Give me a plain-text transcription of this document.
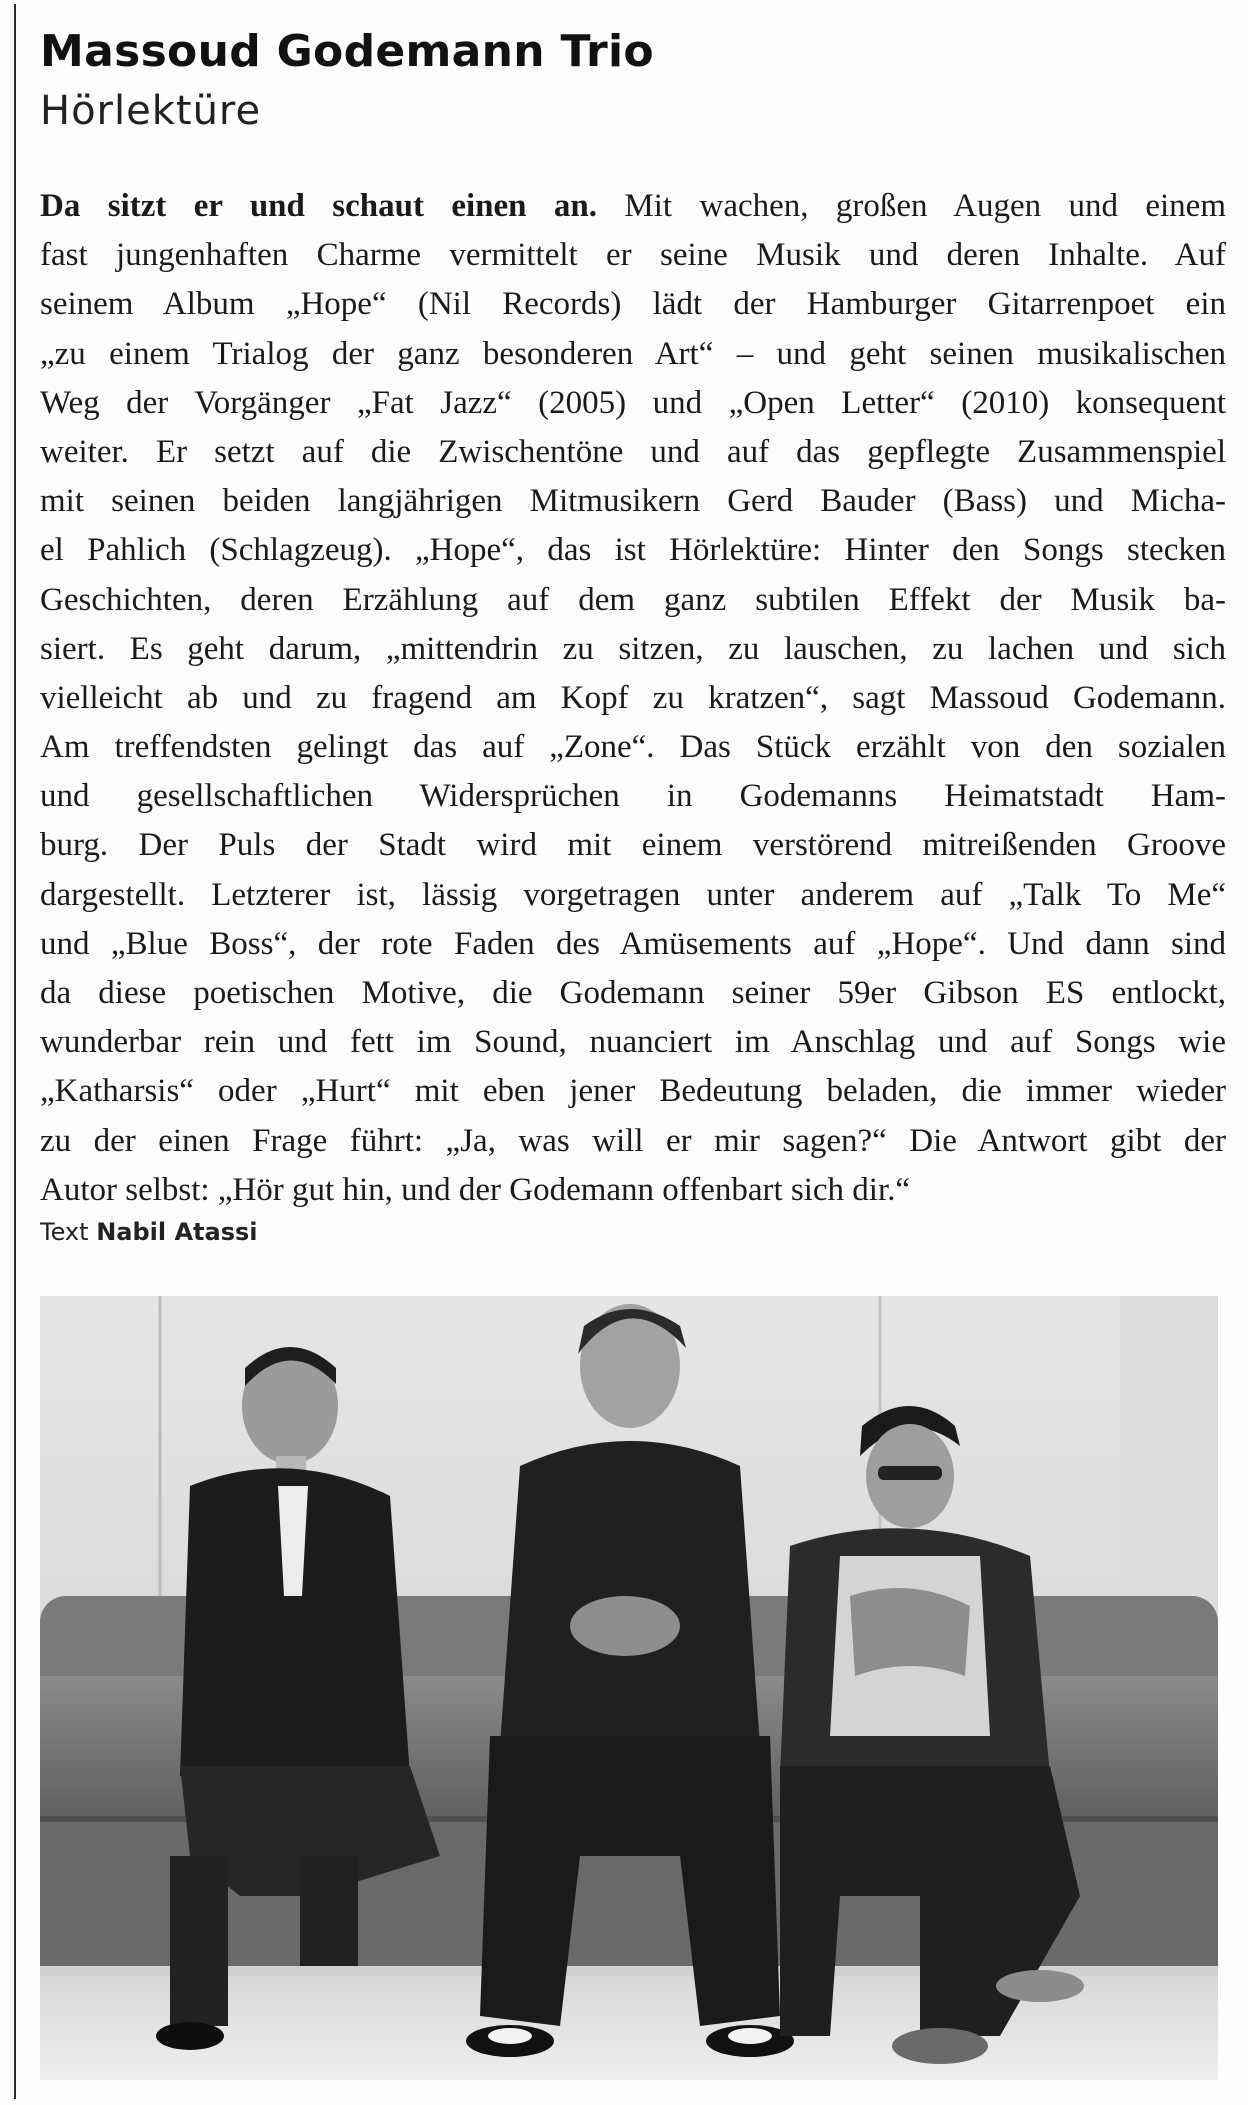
Massoud Godemann Trio
Hörlektüre
Da sitzt er und schaut einen an. Mit wachen, großen Augen und einem
fast jungenhaften Charme vermittelt er seine Musik und deren Inhalte. Auf
seinem Album „Hope“ (Nil Records) lädt der Hamburger Gitarrenpoet ein
„zu einem Trialog der ganz besonderen Art“ – und geht seinen musikalischen
Weg der Vorgänger „Fat Jazz“ (2005) und „Open Letter“ (2010) konsequent
weiter. Er setzt auf die Zwischentöne und auf das gepflegte Zusammenspiel
mit seinen beiden langjährigen Mitmusikern Gerd Bauder (Bass) und Micha-
el Pahlich (Schlagzeug). „Hope“, das ist Hörlektüre: Hinter den Songs stecken
Geschichten, deren Erzählung auf dem ganz subtilen Effekt der Musik ba-
siert. Es geht darum, „mittendrin zu sitzen, zu lauschen, zu lachen und sich
vielleicht ab und zu fragend am Kopf zu kratzen“, sagt Massoud Godemann.
Am treffendsten gelingt das auf „Zone“. Das Stück erzählt von den sozialen
und gesellschaftlichen Widersprüchen in Godemanns Heimatstadt Ham-
burg. Der Puls der Stadt wird mit einem verstörend mitreißenden Groove
dargestellt. Letzterer ist, lässig vorgetragen unter anderem auf „Talk To Me“
und „Blue Boss“, der rote Faden des Amüsements auf „Hope“. Und dann sind
da diese poetischen Motive, die Godemann seiner 59er Gibson ES entlockt,
wunderbar rein und fett im Sound, nuanciert im Anschlag und auf Songs wie
„Katharsis“ oder „Hurt“ mit eben jener Bedeutung beladen, die immer wieder
zu der einen Frage führt: „Ja, was will er mir sagen?“ Die Antwort gibt der
Autor selbst: „Hör gut hin, und der Godemann offenbart sich dir.“
Text Nabil Atassi
